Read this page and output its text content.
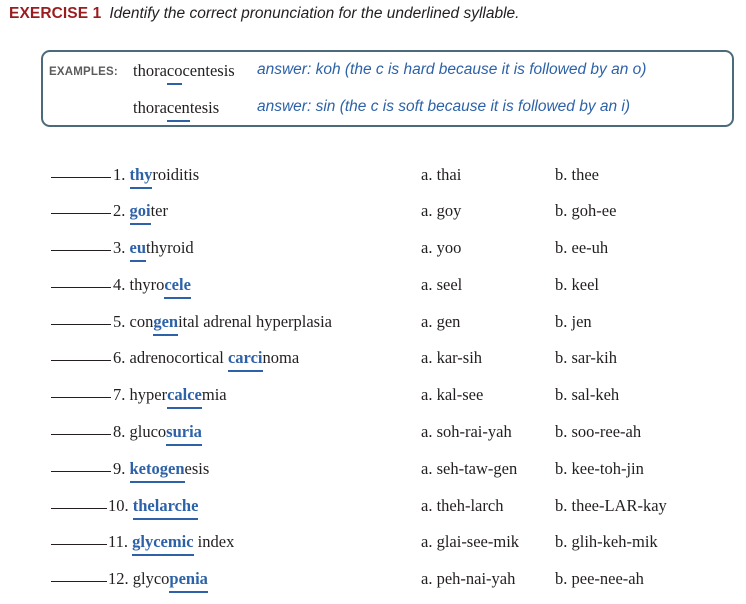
EXERCISE 1 Identify the correct pronunciation for the underlined syllable.
EXAMPLES: thoracocentesis answer: koh (the c is hard because it is followed by an o)
thoracentesis answer: sin (the c is soft because it is followed by an i)
1. thyroiditis	a. thai	b. thee
2. goiter	a. goy	b. goh-ee
3. euthyroid	a. yoo	b. ee-uh
4. thyrocele	a. seel	b. keel
5. congenital adrenal hyperplasia	a. gen	b. jen
6. adrenocortical carcinoma	a. kar-sih	b. sar-kih
7. hypercalcemia	a. kal-see	b. sal-keh
8. glucosuria	a. soh-rai-yah	b. soo-ree-ah
9. ketogenesis	a. seh-taw-gen b. kee-toh-jin
10. thelarche	a. theh-larch	b. thee-LAR-kay
11. glycemic index	a. glai-see-mik b. glih-keh-mik
12. glycopenia	a. peh-nai-yah b. pee-nee-ah
